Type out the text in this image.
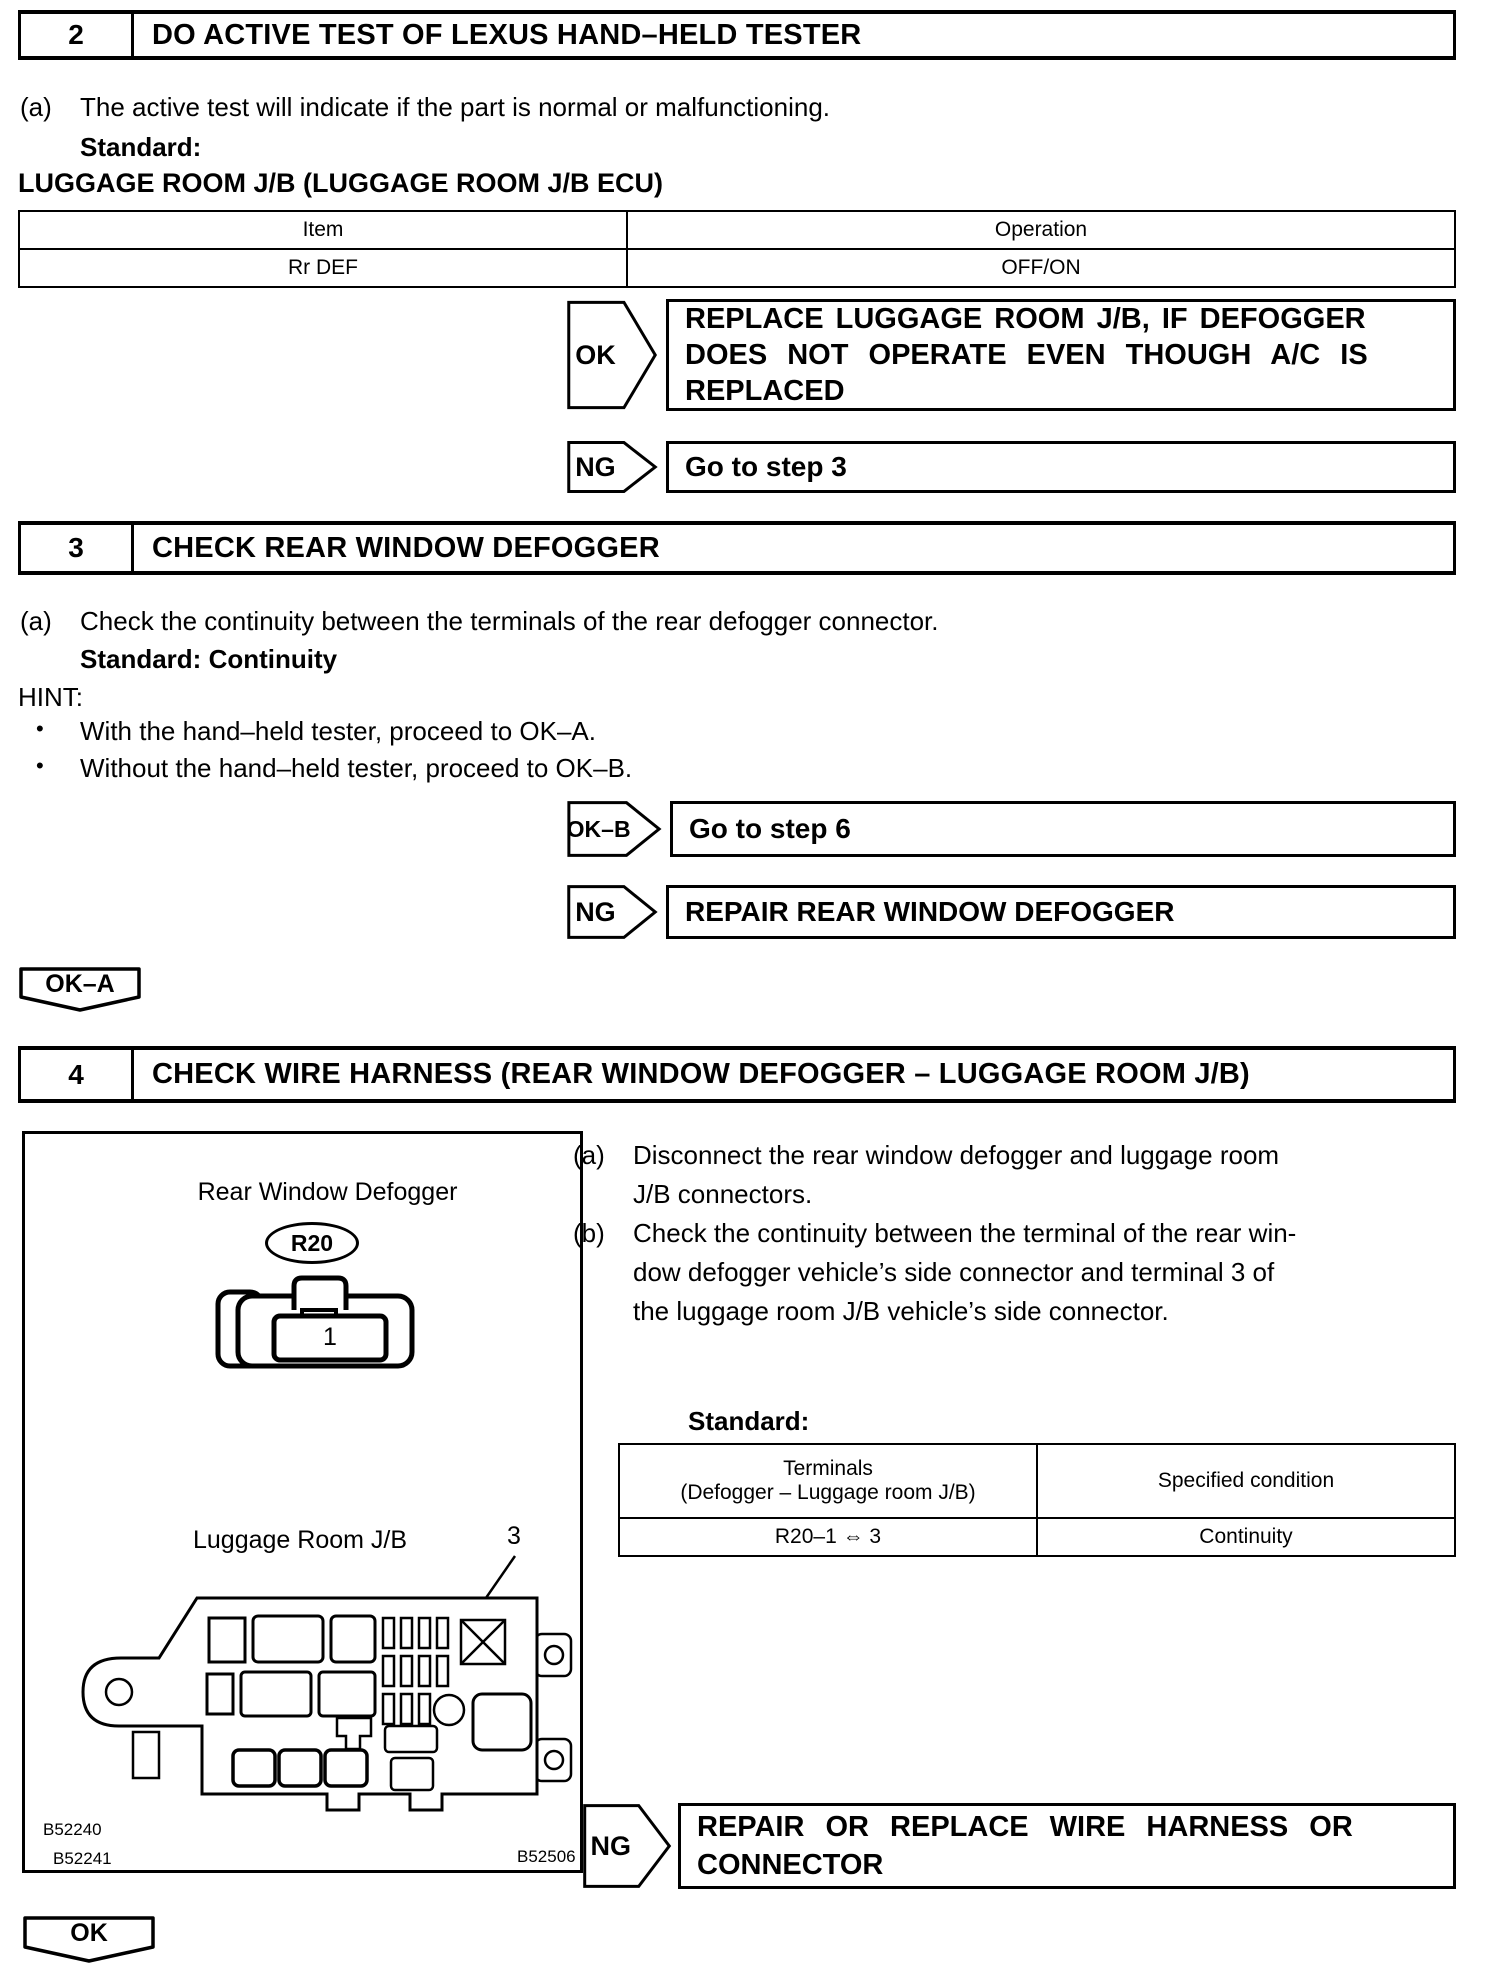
2	DO ACTIVE TEST OF LEXUS HAND–HELD TESTER
(a) The active test will indicate if the part is normal or malfunctioning.
Standard:
LUGGAGE ROOM J/B (LUGGAGE ROOM J/B ECU)
Item	Operation
Rr DEF	OFF/ON
OK
REPLACE LUGGAGE ROOM J/B, IF DEFOGGER
DOES NOT OPERATE EVEN THOUGH A/C IS
REPLACED
NG	Go to step 3
3	CHECK REAR WINDOW DEFOGGER
(a) Check the continuity between the terminals of the rear defogger connector.
Standard: Continuity
HINT:
• With the hand–held tester, proceed to OK–A.
• Without the hand–held tester, proceed to OK–B.
OK–B Go to step 6
NG	REPAIR REAR WINDOW DEFOGGER
OK–A
4	CHECK WIRE HARNESS (REAR WINDOW DEFOGGER – LUGGAGE ROOM J/B)
Rear Window Defogger
R20
1
Luggage Room J/B	3
B52240
B52241	B52506
(a) Disconnect the rear window defogger and luggage room
J/B connectors.
(b) Check the continuity between the terminal of the rear win-
dow defogger vehicle’s side connector and terminal 3 of
the luggage room J/B vehicle’s side connector.
Standard:
Terminals
(Defogger – Luggage room J/B)	Specified condition
R20–1 ⇔ 3	Continuity
NG
REPAIR OR REPLACE WIRE HARNESS OR
CONNECTOR
OK
